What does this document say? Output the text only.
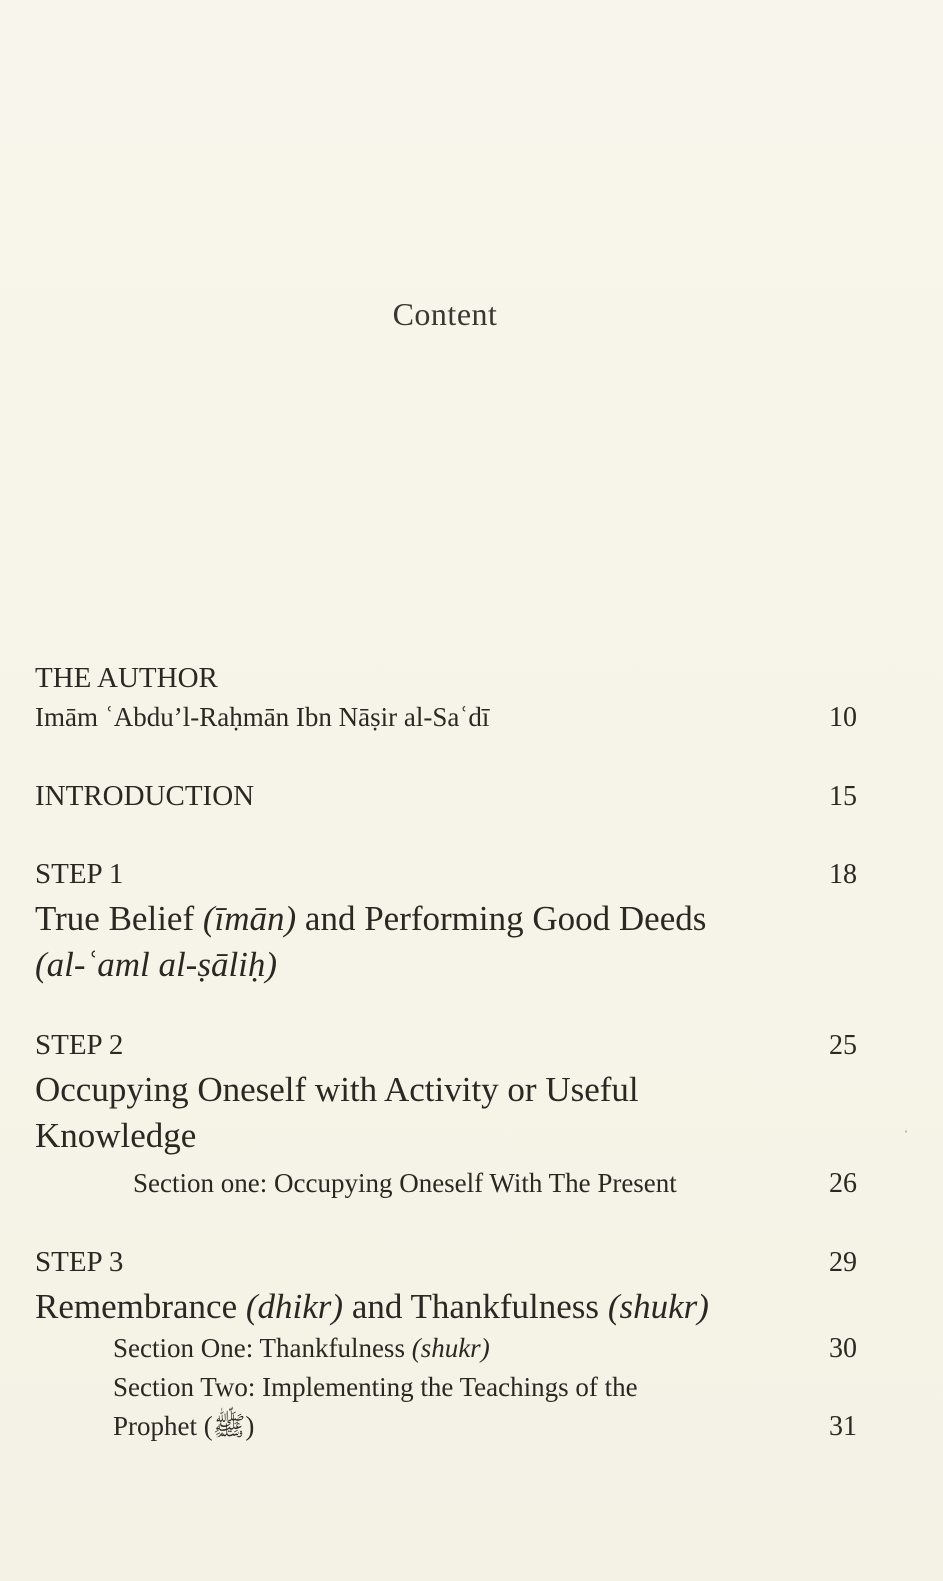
Content
THE AUTHOR
Imām ʿAbdu’l-Raḥmān Ibn Nāṣir al-Saʿdī	10
INTRODUCTION	15
STEP 1	18
True Belief (īmān) and Performing Good Deeds
(al-ʿaml al-ṣāliḥ)
STEP 2	25
Occupying Oneself with Activity or Useful
Knowledge
Section one: Occupying Oneself With The Present	26
STEP 3	29
Remembrance (dhikr) and Thankfulness (shukr)
Section One: Thankfulness (shukr)	30
Section Two: Implementing the Teachings of the
Prophet (ﷺ)	31
